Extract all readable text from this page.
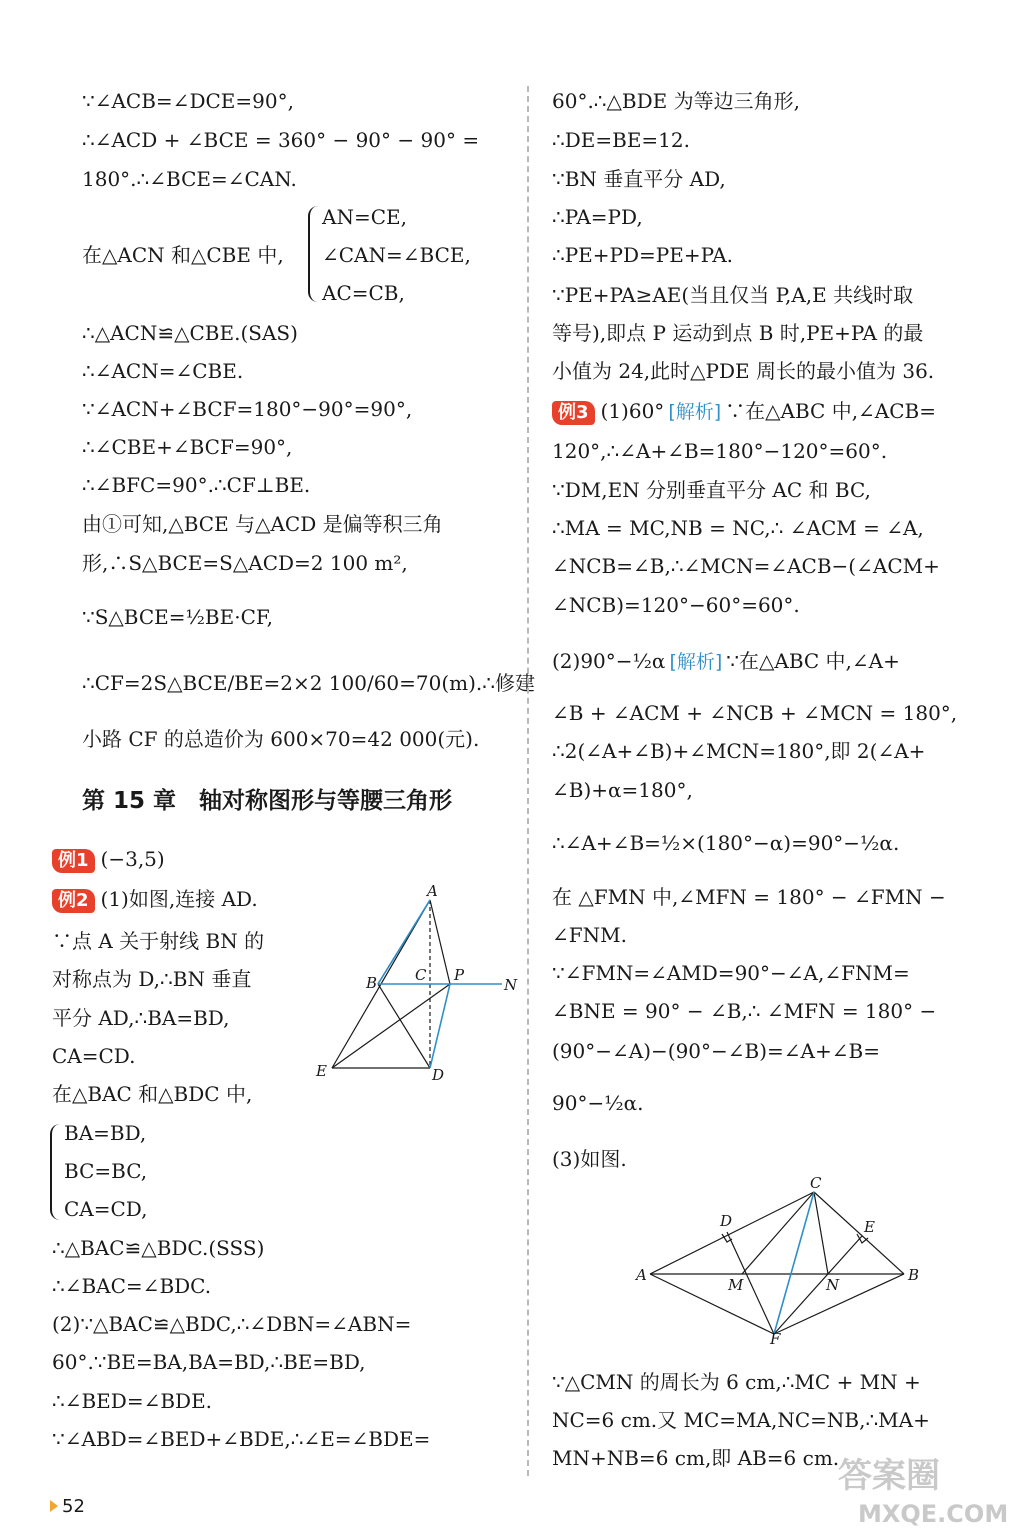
∵∠ACB=∠DCE=90°,
∴∠ACD + ∠BCE = 360° − 90° − 90° =
180°.∴∠BCE=∠CAN.
在△ACN 和△CBE 中,
AN=CE,
∠CAN=∠BCE,
AC=CB,
∴△ACN≌△CBE.(SAS)
∴∠ACN=∠CBE.
∵∠ACN+∠BCF=180°−90°=90°,
∴∠CBE+∠BCF=90°,
∴∠BFC=90°.∴CF⊥BE.
由①可知,△BCE 与△ACD 是偏等积三角
形,∴S△BCE=S△ACD=2 100 m²,
∵S△BCE=½BE·CF,
∴CF=2S△BCE/BE=2×2 100/60=70(m).∴修建
小路 CF 的总造价为 600×70=42 000(元).
第 15 章　轴对称图形与等腰三角形
例1 (−3,5)
例2 (1)如图,连接 AD.
∵点 A 关于射线 BN 的
对称点为 D,∴BN 垂直
平分 AD,∴BA=BD,
CA=CD.
在△BAC 和△BDC 中,
BA=BD,
BC=BC,
CA=CD,
∴△BAC≌△BDC.(SSS)
∴∠BAC=∠BDC.
(2)∵△BAC≌△BDC,∴∠DBN=∠ABN=
60°.∵BE=BA,BA=BD,∴BE=BD,
∴∠BED=∠BDE.
∵∠ABD=∠BED+∠BDE,∴∠E=∠BDE=
A
B	C P
N
E	D
60°.∴△BDE 为等边三角形,
∴DE=BE=12.
∵BN 垂直平分 AD,
∴PA=PD,
∴PE+PD=PE+PA.
∵PE+PA≥AE(当且仅当 P,A,E 共线时取
等号),即点 P 运动到点 B 时,PE+PA 的最
小值为 24,此时△PDE 周长的最小值为 36.
例3 (1)60° [解析] ∵在△ABC 中,∠ACB=
120°,∴∠A+∠B=180°−120°=60°.
∵DM,EN 分别垂直平分 AC 和 BC,
∴MA = MC,NB = NC,∴ ∠ACM = ∠A,
∠NCB=∠B,∴∠MCN=∠ACB−(∠ACM+
∠NCB)=120°−60°=60°.
(2)90°−½α [解析] ∵在△ABC 中,∠A+
∠B + ∠ACM + ∠NCB + ∠MCN = 180°,
∴2(∠A+∠B)+∠MCN=180°,即 2(∠A+
∠B)+α=180°,
∴∠A+∠B=½×(180°−α)=90°−½α.
在 △FMN 中,∠MFN = 180° − ∠FMN −
∠FNM.
∵∠FMN=∠AMD=90°−∠A,∠FNM=
∠BNE = 90° − ∠B,∴ ∠MFN = 180° −
(90°−∠A)−(90°−∠B)=∠A+∠B=
90°−½α.
(3)如图.
C
D	E
A
M	N
B
F
∵△CMN 的周长为 6 cm,∴MC + MN +
NC=6 cm.又 MC=MA,NC=NB,∴MA+
MN+NB=6 cm,即 AB=6 cm.
52
答案圈
MXQE.COM
